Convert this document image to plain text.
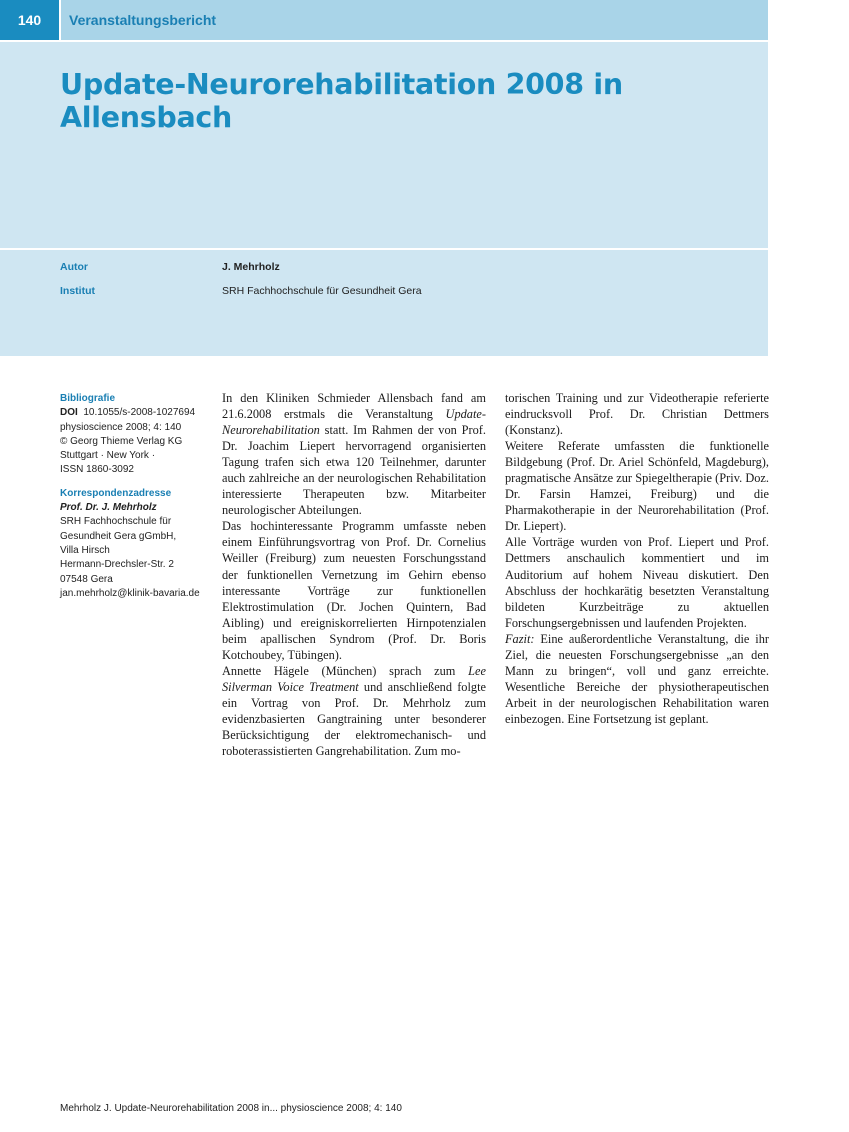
140	Veranstaltungsbericht
Update-Neurorehabilitation 2008 in Allensbach
Autor	J. Mehrholz
Institut	SRH Fachhochschule für Gesundheit Gera
Bibliografie
DOI 10.1055/s-2008-1027694
physioscience 2008; 4: 140
© Georg Thieme Verlag KG
Stuttgart · New York ·
ISSN 1860-3092
Korrespondenzadresse
Prof. Dr. J. Mehrholz
SRH Fachhochschule für
Gesundheit Gera gGmbH,
Villa Hirsch
Hermann-Drechsler-Str. 2
07548 Gera
jan.mehrholz@klinik-bavaria.de

In den Kliniken Schmieder Allensbach fand am 21.6.2008 erstmals die Veranstaltung Update-Neurorehabilitation statt. Im Rahmen der von Prof. Dr. Joachim Liepert hervorragend organisierten Tagung trafen sich etwa 120 Teilnehmer, darunter auch zahlreiche an der neurologischen Rehabilitation interessierte Therapeuten bzw. Mitarbeiter neurologischer Abteilungen.

Das hochinteressante Programm umfasste neben einem Einführungsvortrag von Prof. Dr. Cornelius Weiller (Freiburg) zum neuesten Forschungsstand der funktionellen Vernetzung im Gehirn ebenso interessante Vorträge zur funktionellen Elektrostimulation (Dr. Jochen Quintern, Bad Aibling) und ereigniskorrelierten Hirnpotenzialen beim apallischen Syndrom (Prof. Dr. Boris Kotchoubey, Tübingen).

Annette Hägele (München) sprach zum Lee Silverman Voice Treatment und anschließend folgte ein Vortrag von Prof. Dr. Mehrholz zum evidenzbasierten Gangtraining unter besonderer Berücksichtigung der elektromechanisch- und roboterassistierten Gangrehabilitation. Zum mo-

torischen Training und zur Videotherapie referierte eindrucksvoll Prof. Dr. Christian Dettmers (Konstanz).

Weitere Referate umfassten die funktionelle Bildgebung (Prof. Dr. Ariel Schönfeld, Magdeburg), pragmatische Ansätze zur Spiegeltherapie (Priv. Doz. Dr. Farsin Hamzei, Freiburg) und die Pharmakotherapie in der Neurorehabilitation (Prof. Dr. Liepert).

Alle Vorträge wurden von Prof. Liepert und Prof. Dettmers anschaulich kommentiert und im Auditorium auf hohem Niveau diskutiert. Den Abschluss der hochkarätig besetzten Veranstaltung bildeten Kurzbeiträge zu aktuellen Forschungsergebnissen und laufenden Projekten.

Fazit: Eine außerordentliche Veranstaltung, die ihr Ziel, die neuesten Forschungsergebnisse „an den Mann zu bringen“, voll und ganz erreichte. Wesentliche Bereiche der physiotherapeutischen Arbeit in der neurologischen Rehabilitation waren einbezogen. Eine Fortsetzung ist geplant.

Mehrholz J. Update-Neurorehabilitation 2008 in... physioscience 2008; 4: 140
